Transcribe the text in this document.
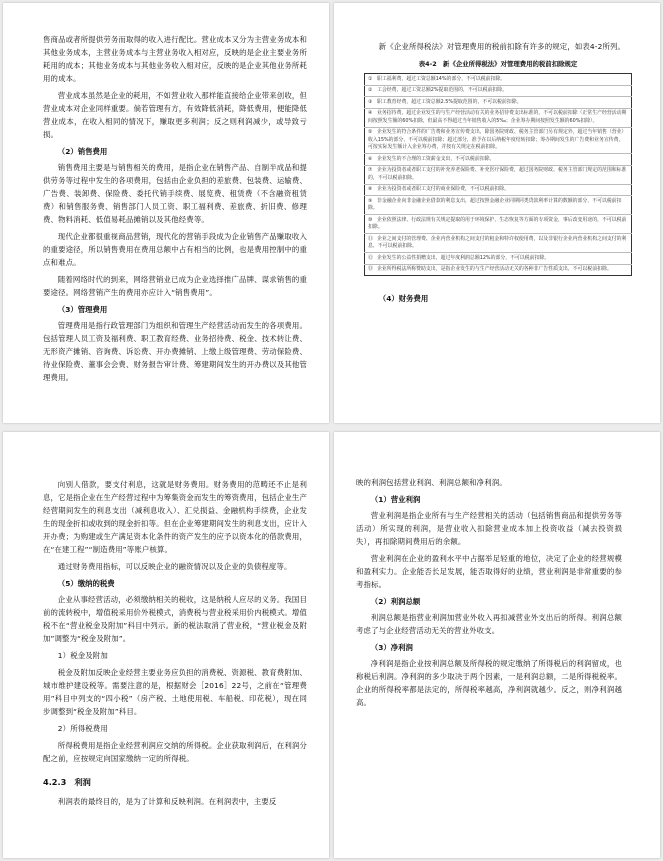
售商品或者所提供劳务而取得的收入进行配比。营业成本又分为主营业务成本和其他业务成本，主营业务成本与主营业务收入相对应，反映的是企业主要业务所耗用的成本；其他业务成本与其他业务收入相对应，反映的是企业其他业务所耗用的成本。

营业成本虽然是企业的耗用，不如营业收入那样能直接给企业带来创收，但营业成本对企业同样重要。倘若管理有方，有效降低消耗，降低费用，便能降低营业成本，在收入相同的情况下，赚取更多利润；反之则利润减少，或导致亏损。

（2）销售费用

销售费用主要是与销售相关的费用，是指企业在销售产品、自制半成品和提供劳务等过程中发生的各项费用，包括由企业负担的差旅费、包装费、运输费、广告费、装卸费、保险费、委托代销手续费、展览费、租赁费（不含融资租赁费）和销售服务费、销售部门人员工资、职工福利费、差旅费、折旧费、修理费、物料消耗、低值易耗品摊销以及其他经费等。

现代企业都很重视商品营销，现代化的营销手段成为企业销售产品赚取收入的重要途径，所以销售费用在费用总额中占有相当的比例，也是费用控制中的重点和难点。

随着网络时代的到来，网络营销业已成为企业选择推广品牌、谋求销售的重要途径。网络营销产生的费用亦应计入“销售费用”。

（3）管理费用

管理费用是指行政管理部门为组织和管理生产经营活动而发生的各项费用。包括管理人员工资及福利费、职工教育经费、业务招待费、税金、技术转让费、无形资产摊销、咨询费、诉讼费、开办费摊销、上缴上级管理费、劳动保险费、待业保险费、董事会会费、财务报告审计费、筹建期间发生的开办费以及其他管理费用。

新《企业所得税法》对管理费用的税前扣除有许多的规定，如表4-2所列。

表4-2　新《企业所得税法》对管理费用的税前扣除规定
① 职工福利费，超过工资总额14%的部分，不可以税前扣除。
② 工会经费，超过工资总额2%提取范围的，不可以税前扣除。
③ 职工教育经费，超过工资总额2.5%提取范围的，不可以税前扣除。
④ 业务招待费，超过企业发生的与生产经营活动有关的业务招待费支出标准的，不可以税前扣除（正常生产经营活动期间按照发生额的60%扣除，但最高不得超过当年销售收入的5‰；企业筹办期间按照发生额的60%扣除）。
⑤ 企业发生的符合条件的广告费和业务宣传费支出，除国务院财政、税务主管部门另有规定外，超过当年销售（营业）收入15%的部分，不可以税前扣除；超过部分，准予在以后纳税年度结转扣除；筹办期间发生的广告费和业务宣传费，可按实际发生额计入企业筹办费，并按有关规定在税前扣除。
⑥ 企业发生的不合理的工资薪金支出，不可以税前扣除。
⑦ 企业为投资者或者职工支付的补充养老保险费、补充医疗保险费，超过国务院财政、税务主管部门规定的范围和标准的，不可以税前扣除。
⑧ 企业为投资者或者职工支付的商业保险费，不可以税前扣除。
⑨ 非金融企业向非金融企业借款的利息支出，超过按照金融企业同期同类贷款利率计算的数额的部分，不可以税前扣除。
⑩ 企业依照法律、行政法规有关规定提取的用于环境保护、生态恢复等方面的专项资金，事后改变用途的，不可以税前扣除。
⑪ 企业之间支付的管理费、企业内营业机构之间支付的租金和特许权使用费，以及非银行企业内营业机构之间支付的利息，不可以税前扣除。
⑫ 企业发生的公益性捐赠支出，超过年度利润总额12%的部分，不可以税前扣除。
⑬ 企业所得税法所称赞助支出，是指企业发生的与生产经营活动无关的各种非广告性质支出，不可以税前扣除。
（4）财务费用

向别人借款，要支付利息，这就是财务费用。财务费用的范畴还不止是利息，它是指企业在生产经营过程中为筹集资金而发生的筹资费用，包括企业生产经营期间发生的利息支出（减利息收入）、汇兑损益、金融机构手续费，企业发生的现金折扣或收到的现金折扣等。但在企业筹建期间发生的利息支出，应计入开办费；为购建或生产满足资本化条件的资产发生的应予以资本化的借款费用，在“在建工程”“制造费用”等账户核算。

通过财务费用指标，可以反映企业的融资情况以及企业的负债程度等。

（5）缴纳的税费

企业从事经营活动，必须缴纳相关的税收，这是纳税人应尽的义务。我国目前的流转税中，增值税采用价外税模式，消费税与营业税采用价内税模式。增值税不在“营业税金及附加”科目中列示。新的税法取消了营业税，“营业税金及附加”调整为“税金及附加”。

1）税金及附加

税金及附加反映企业经营主要业务应负担的消费税、资源税、教育费附加、城市维护建设税等。需要注意的是，根据财会［2016］22号，之前在“管理费用”科目中列支的“四小税”（房产税、土地使用税、车船税、印花税），现在同步调整到“税金及附加”科目。

2）所得税费用

所得税费用是指企业经营利润应交纳的所得税。企业获取利润后，在利润分配之前，应按规定向国家缴纳一定的所得税。

4.2.3　利润

利润表的最终目的，是为了计算和反映利润。在利润表中，主要反

映的利润包括营业利润、利润总额和净利润。

（1）营业利润

营业利润是指企业所有与生产经营相关的活动（包括销售商品和提供劳务等活动）所实现的利润，是营业收入扣除营业成本加上投资收益（减去投资损失），再扣除期间费用后的余额。

营业利润在企业的盈利水平中占据举足轻重的地位，决定了企业的经营规模和盈利实力。企业能否长足发展，能否取得好的业绩，营业利润是非常重要的参考指标。

（2）利润总额

利润总额是指营业利润加营业外收入再扣减营业外支出后的所得。利润总额考虑了与企业经营活动无关的营业外收支。

（3）净利润

净利润是指企业按利润总额及所得税的规定缴纳了所得税后的利润留成，也称税后利润。净利润的多少取决于两个因素，一是利润总额，二是所得税税率。企业的所得税率都是法定的，所得税率越高，净利润就越少。反之，则净利润越高。
